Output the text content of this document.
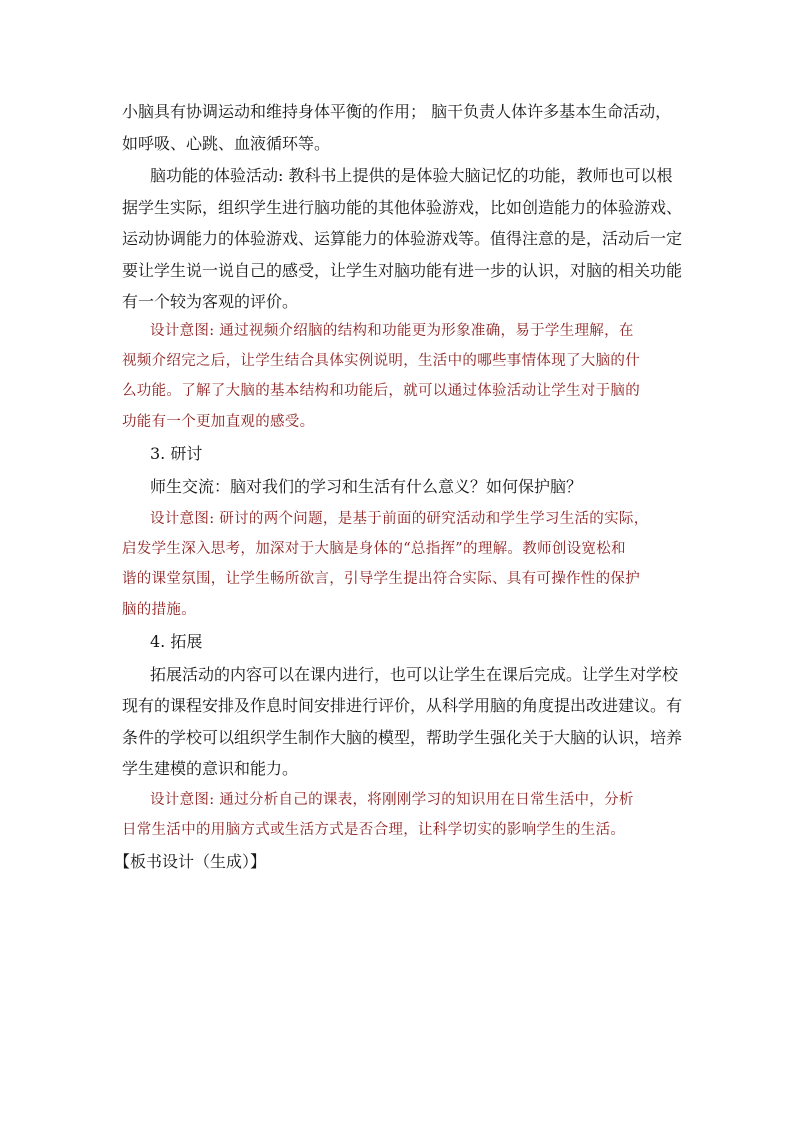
小脑具有协调运动和维持身体平衡的作用； 脑干负责人体许多基本生命活动，
如呼吸、心跳、血液循环等。
脑功能的体验活动: 教科书上提供的是体验大脑记忆的功能，教师也可以根
据学生实际，组织学生进行脑功能的其他体验游戏，比如创造能力的体验游戏、
运动协调能力的体验游戏、运算能力的体验游戏等。值得注意的是，活动后一定
要让学生说一说自己的感受，让学生对脑功能有进一步的认识，对脑的相关功能
有一个较为客观的评价。
设计意图: 通过视频介绍脑的结构和功能更为形象准确，易于学生理解，在
视频介绍完之后，让学生结合具体实例说明，生活中的哪些事情体现了大脑的什
么功能。了解了大脑的基本结构和功能后，就可以通过体验活动让学生对于脑的
功能有一个更加直观的感受。
3. 研讨
师生交流：脑对我们的学习和生活有什么意义？如何保护脑？
设计意图: 研讨的两个问题，是基于前面的研究活动和学生学习生活的实际，
启发学生深入思考，加深对于大脑是身体的“总指挥”的理解。教师创设宽松和
谐的课堂氛围，让学生畅所欲言，引导学生提出符合实际、具有可操作性的保护
脑的措施。
4. 拓展
拓展活动的内容可以在课内进行，也可以让学生在课后完成。让学生对学校
现有的课程安排及作息时间安排进行评价，从科学用脑的角度提出改进建议。有
条件的学校可以组织学生制作大脑的模型，帮助学生强化关于大脑的认识，培养
学生建模的意识和能力。
设计意图: 通过分析自己的课表，将刚刚学习的知识用在日常生活中，分析
日常生活中的用脑方式或生活方式是否合理，让科学切实的影响学生的生活。
【板书设计（生成）】
